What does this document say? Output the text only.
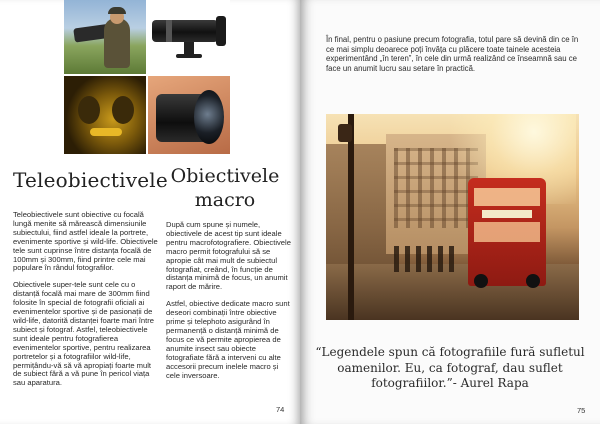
Teleobiectivele Obiectivele macro

Teleobiectivele sunt obiective cu focală lungă menite să mărească dimensiunile subiectului, fiind astfel ideale la portrete, evenimente sportive și wild-life. Obiectivele tele sunt cuprinse între distanța focală de 100mm și 300mm, fiind printre cele mai populare în rândul fotografilor.

Obiectivele super-tele sunt cele cu o distanță focală mai mare de 300mm fiind folosite în special de fotografii oficiali ai evenimentelor sportive și de pasionații de wild-life, datorită distanței foarte mari între subiect și fotograf. Astfel, teleobiectivele sunt ideale pentru fotografierea evenimentelor sportive, pentru realizarea portretelor și a fotografiilor wild-life, permițându-vă să vă apropiați foarte mult de subiect fără a vă pune în pericol viața sau aparatura.

După cum spune și numele, obiectivele de acest tip sunt ideale pentru macrofotografiere. Obiectivele macro permit fotografului să se apropie cât mai mult de subiectul fotografiat, creând, în funcție de distanța minimă de focus, un anumit raport de mărire.

Astfel, obiective dedicate macro sunt deseori combinații între obiective prime și telephoto asigurând în permanență o distanță minimă de focus ce vă permite apropierea de anumite insect sau obiecte fotografiate fără a interveni cu alte accesorii precum inelele macro și cele inversoare.

74
În final, pentru o pasiune precum fotografia, totul pare să devină din ce în ce mai simplu deoarece poți învăța cu plăcere toate tainele acesteia experimentând „în teren”, în cele din urmă realizând ce înseamnă sau ce face un anumit lucru sau setare în practică.
“Legendele spun că fotografiile fură sufletul oamenilor. Eu, ca fotograf, dau suflet fotografiilor.”- Aurel Rapa
75
